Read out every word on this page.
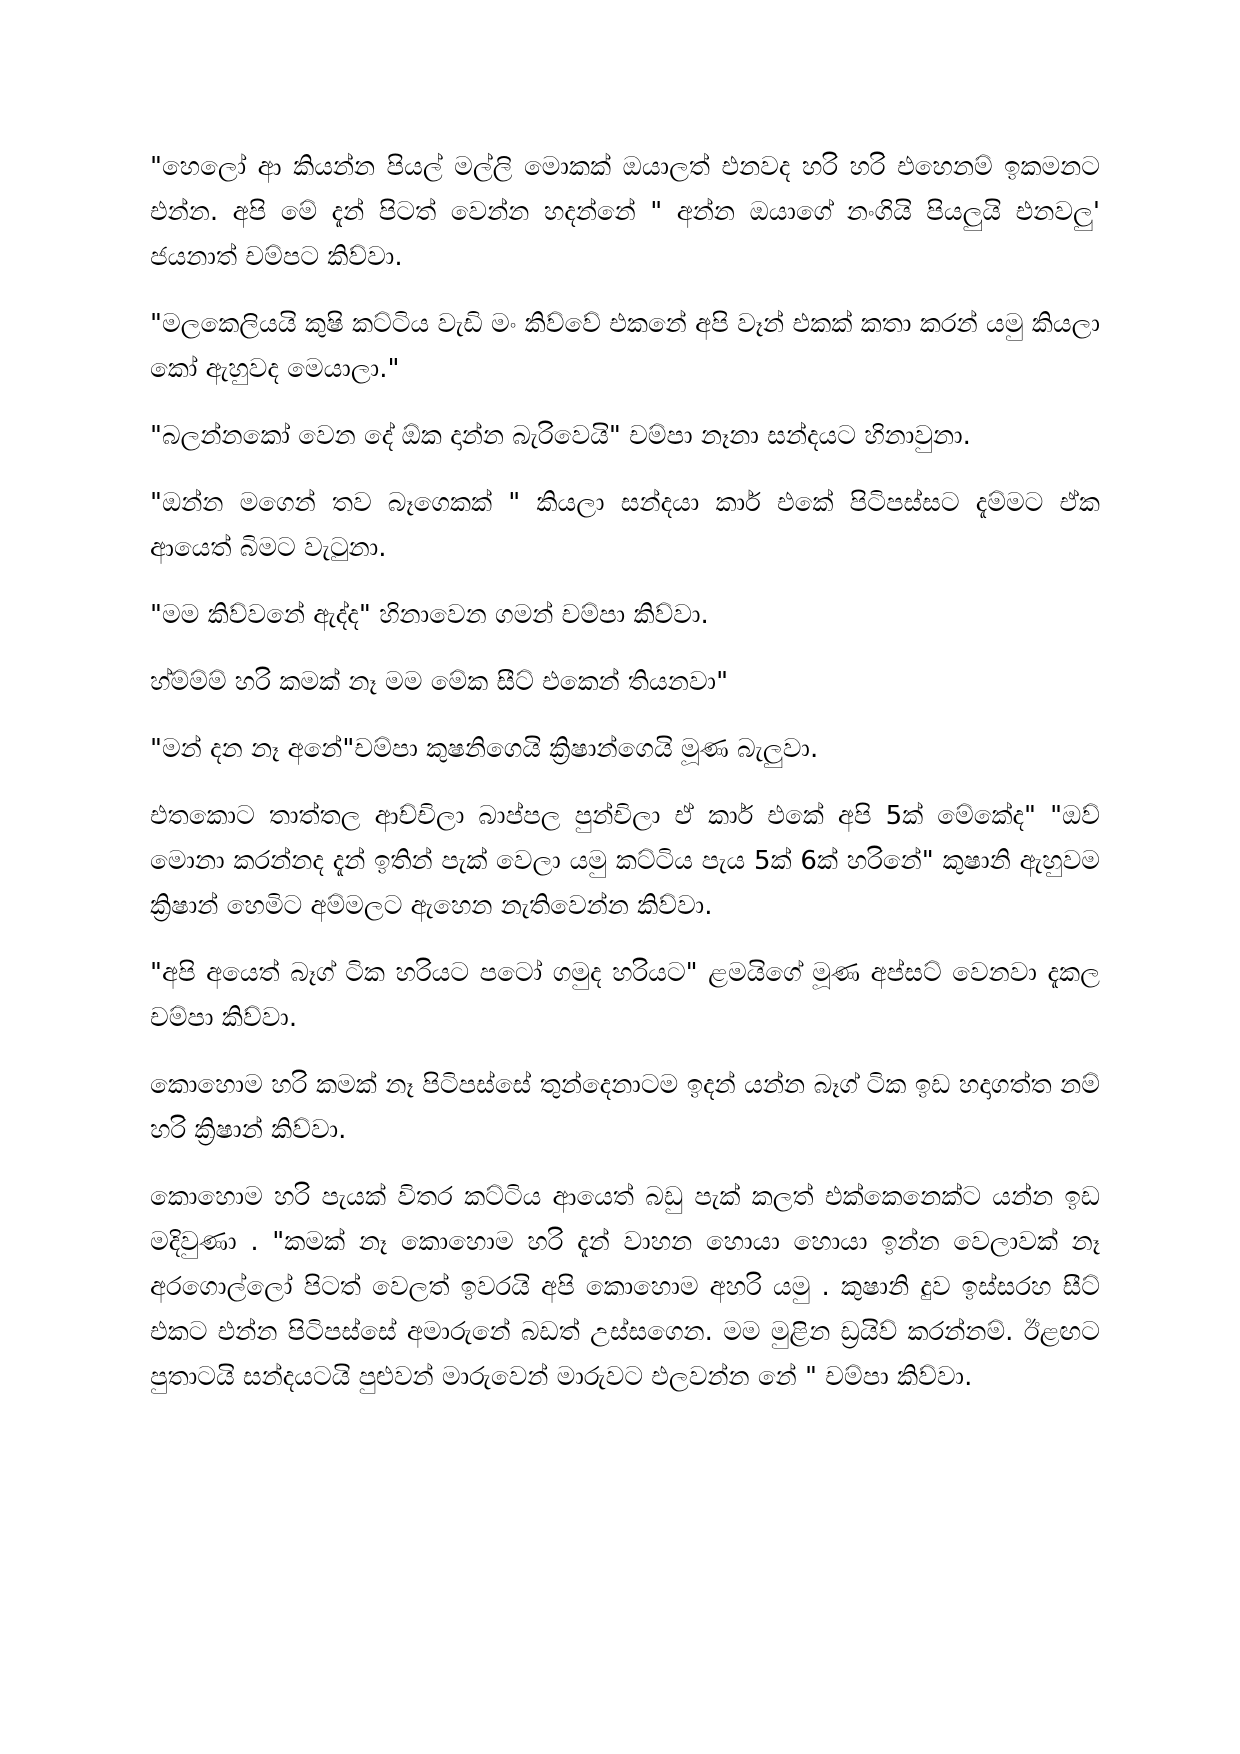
"හෙලෝ ආ කියන්න පියල් මල්ලි මොකක් ඔයාලත් එනවද හරි හරි එහෙනම් ඉකමනට එන්න. අපි මේ දැන් පිටත් වෙන්න හදන්නේ " අන්න ඔයාගේ නංගියි පියලුයි එනවලු' ජයනාත් චම්පට කිව්වා.

"මලකෙලියයි කුෂි කට්ටිය වැඩි මං කිව්වේ එකනේ අපි වෑන් එකක් කතා කරන් යමු කියලා කෝ ඇහුවද මෙයාලා."

"බලන්නකෝ වෙන දේ ඕක දාන්න බැරිවෙයි" චම්පා නෑනා සන්දයට හිනාවුනා.

"ඔන්න මගෙන් තව බෑගෙකක් " කියලා සන්දයා කාර් එකේ පිටිපස්සට දැම්මට ඒක ආයෙත් බිමට වැටුනා.

"මම කිව්වනේ ඇද්ද" හිනාවෙන ගමන් චම්පා කිව්වා.

හ්ම්ම්ම් හරි කමක් නෑ මම මේක සීට් එකෙන් තියනවා"

"මන් දන නෑ අනේ"චම්පා කුෂනිගෙයි ක්‍රිෂාන්ගෙයි මූණ බැලුවා.

එතකොට තාත්තල ආච්චිලා බාප්පල පුන්චිලා ඒ කාර් එකේ අපි 5ක් මේකේද" "ඔව් මොනා කරන්නද දැන් ඉතින් පැක් වෙලා යමු කට්ටිය පැය 5ක් 6ක් හරිනේ" කුෂානි ඇහුවම ක්‍රිෂාන් හෙමිට අම්මලට ඇහෙන නැතිවෙන්න කිව්වා.

"අපි අයෙත් බෑග් ටික හරියට පටෝ ගමුද හරියට" ළමයිගේ මූණ අප්සට් වෙනවා දැකල චම්පා කිව්වා.

කොහොම හරි කමක් නෑ පිටිපස්සේ තුන්දෙනාටම ඉදන් යන්න බෑග් ටික ඉඩ හදාගත්ත නම් හරි ක්‍රිෂාන් කිව්වා.

කොහොම හරි පැයක් විතර කට්ටිය ආයෙත් බඩු පැක් කලත් එක්කෙනෙක්ට යන්න ඉඩ මදිවුණා . "කමක් නෑ කොහොම හරි දැන් වාහන හොයා හොයා ඉන්න වෙලාවක් නෑ අරගොල්ලෝ පිටත් වෙලත් ඉවරයි අපි කොහොම අහරි යමු . කුෂානි දුව ඉස්සරහ සීට් එකට එන්න පිටිපස්සේ අමාරුනේ බඩත් උස්සගෙන. මම මුළින ඩ්‍රයිව් කරන්නම්. ඊළඟට පුතාටයි සන්දයටයි පුළුවන් මාරුවෙන් මාරුවට එලවන්න නේ " චම්පා කිව්වා.
